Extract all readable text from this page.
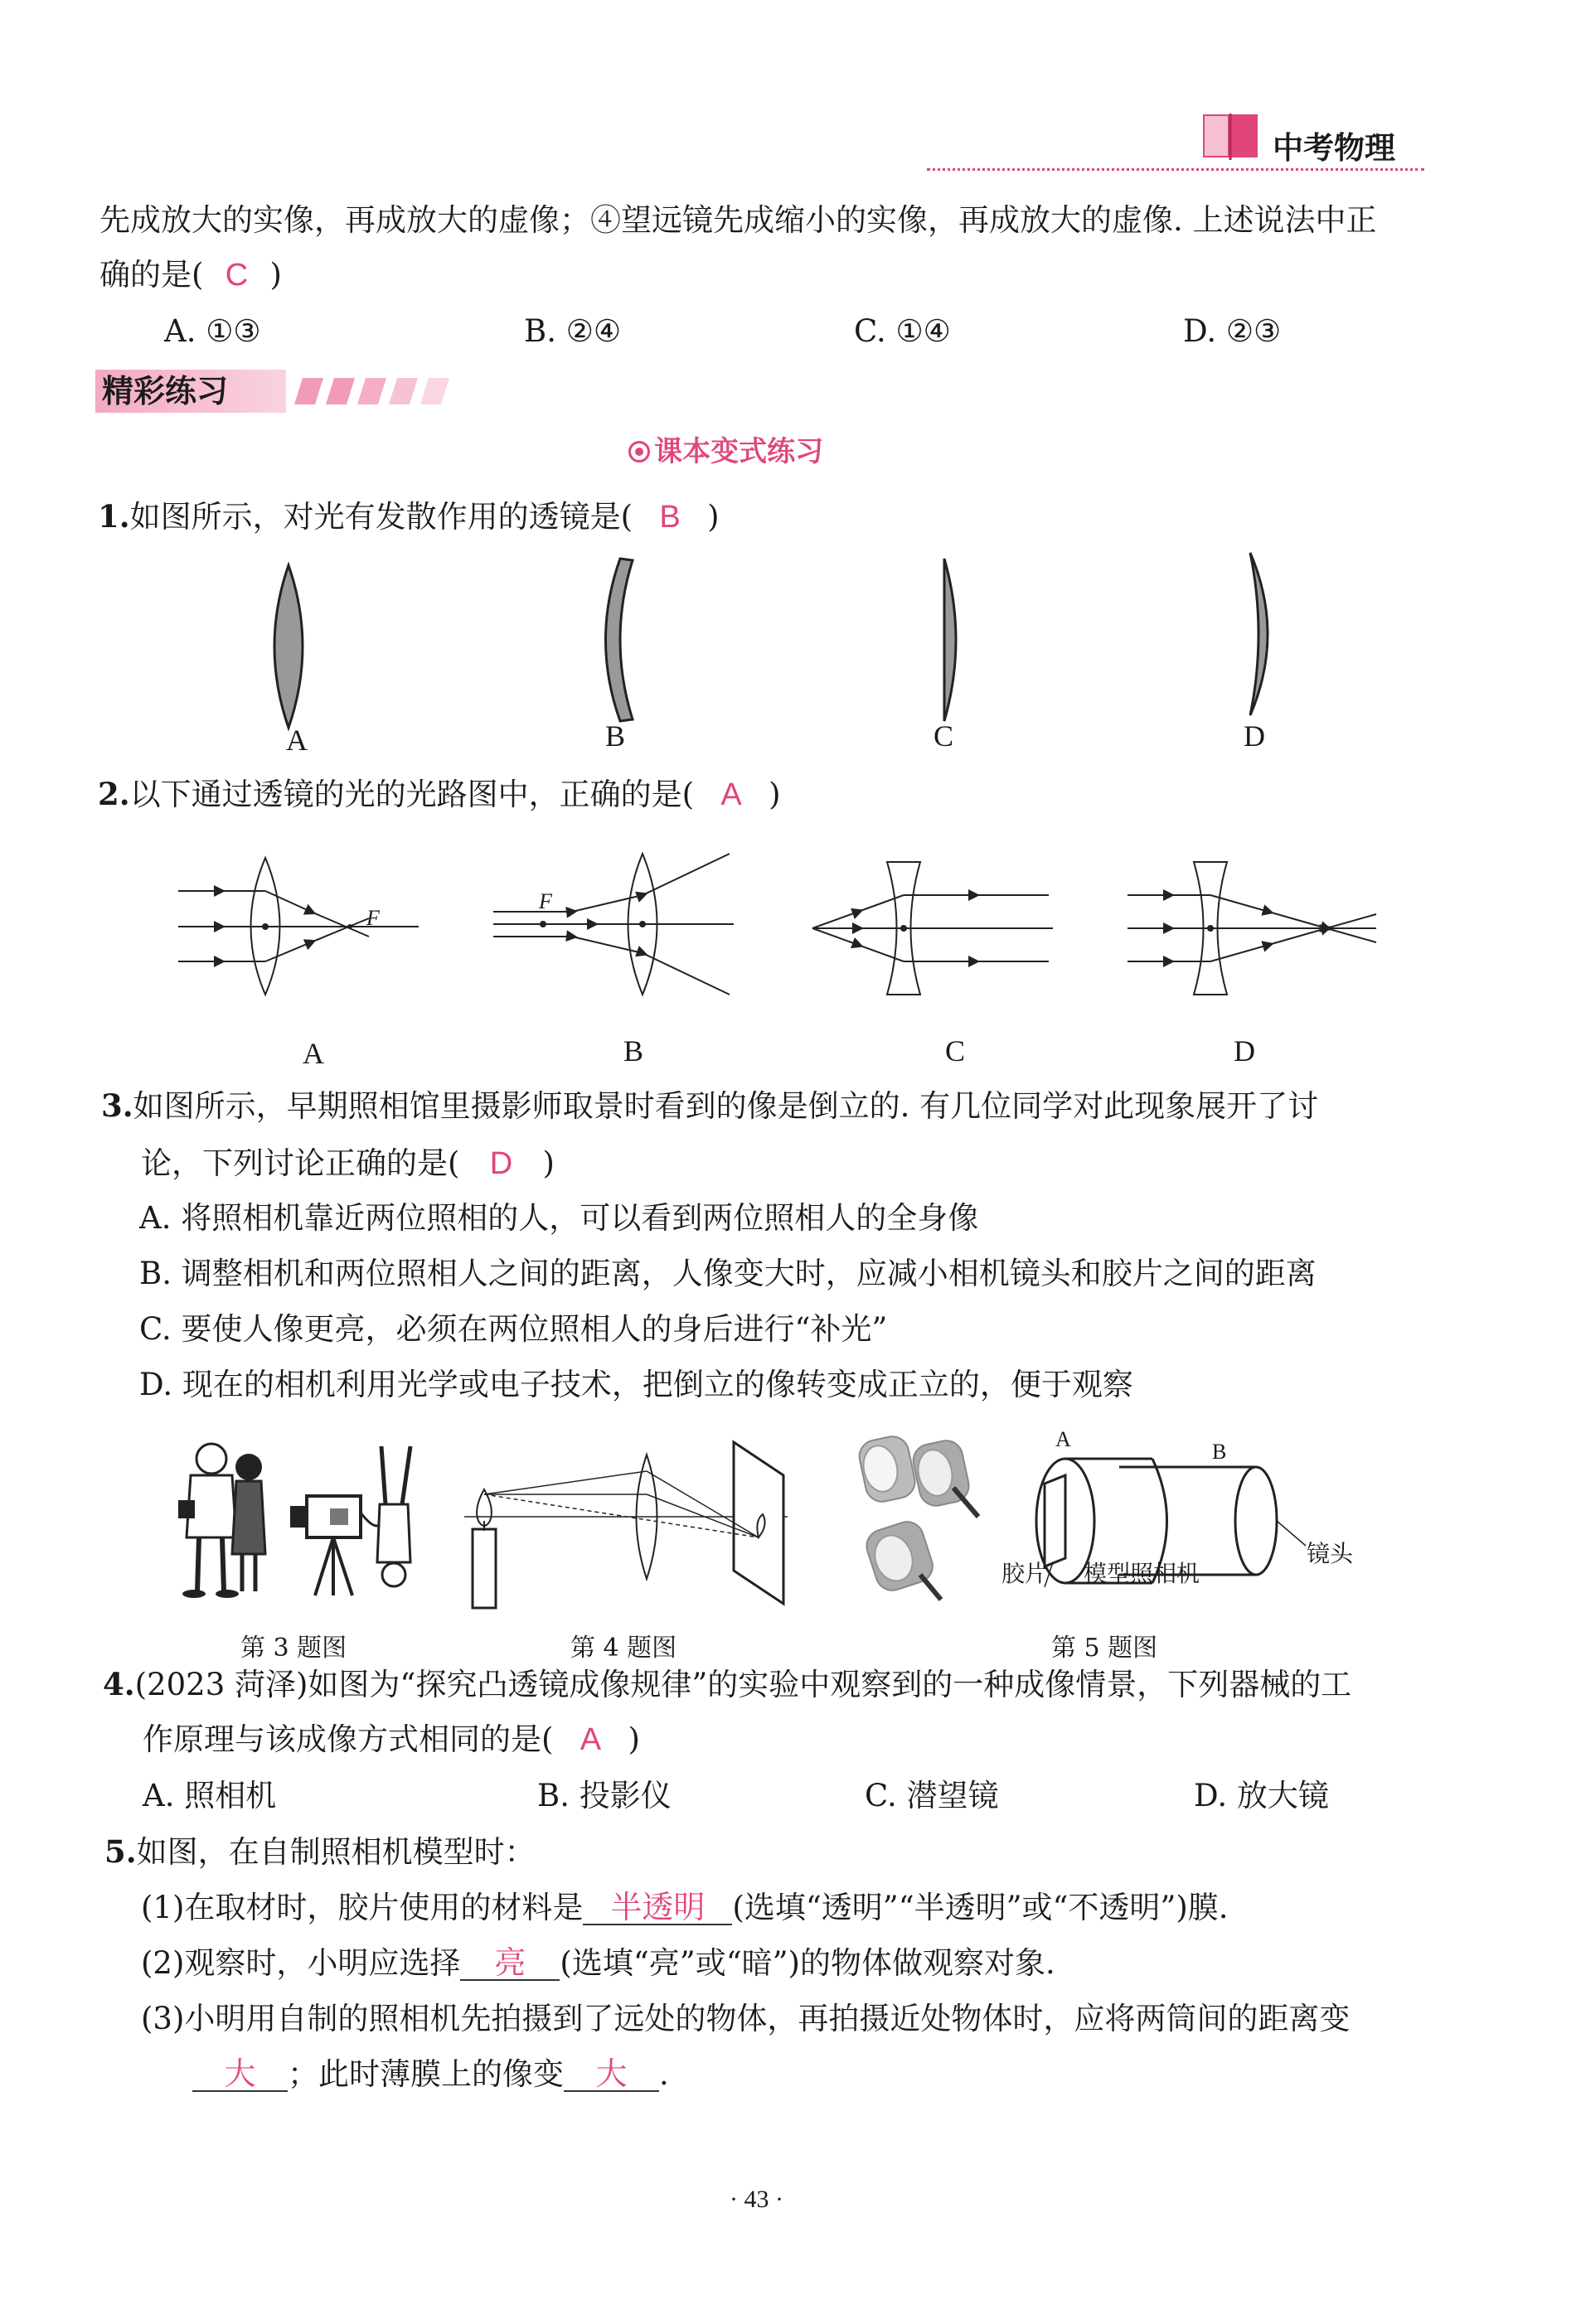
中考物理
先成放大的实像，再成放大的虚像；④望远镜先成缩小的实像，再成放大的虚像. 上述说法中正
确的是( C )
A. ①③	B. ②④	C. ①④	D. ②③
精彩练习
课本变式练习
1.如图所示，对光有发散作用的透镜是( B )
A	B	C	D
2.以下通过透镜的光的光路图中，正确的是( A )
F
F
A	B	C	D
3.如图所示，早期照相馆里摄影师取景时看到的像是倒立的. 有几位同学对此现象展开了讨
论，下列讨论正确的是( D )
A. 将照相机靠近两位照相的人，可以看到两位照相人的全身像
B. 调整相机和两位照相人之间的距离，人像变大时，应减小相机镜头和胶片之间的距离
C. 要使人像更亮，必须在两位照相人的身后进行“补光”
D. 现在的相机利用光学或电子技术，把倒立的像转变成正立的，便于观察
第 3 题图	第 4 题图
A
B
胶片 模型照相机
镜头
第 5 题图
4.(2023 菏泽)如图为“探究凸透镜成像规律”的实验中观察到的一种成像情景，下列器械的工
作原理与该成像方式相同的是( A )
A. 照相机	B. 投影仪	C. 潜望镜	D. 放大镜
5.如图，在自制照相机模型时：
(1)在取材时，胶片使用的材料是 半透明 (选填“透明”“半透明”或“不透明”)膜.
(2)观察时，小明应选择 亮 (选填“亮”或“暗”)的物体做观察对象.
(3)小明用自制的照相机先拍摄到了远处的物体，再拍摄近处物体时，应将两筒间的距离变
大 ；此时薄膜上的像变 大 .
· 43 ·
